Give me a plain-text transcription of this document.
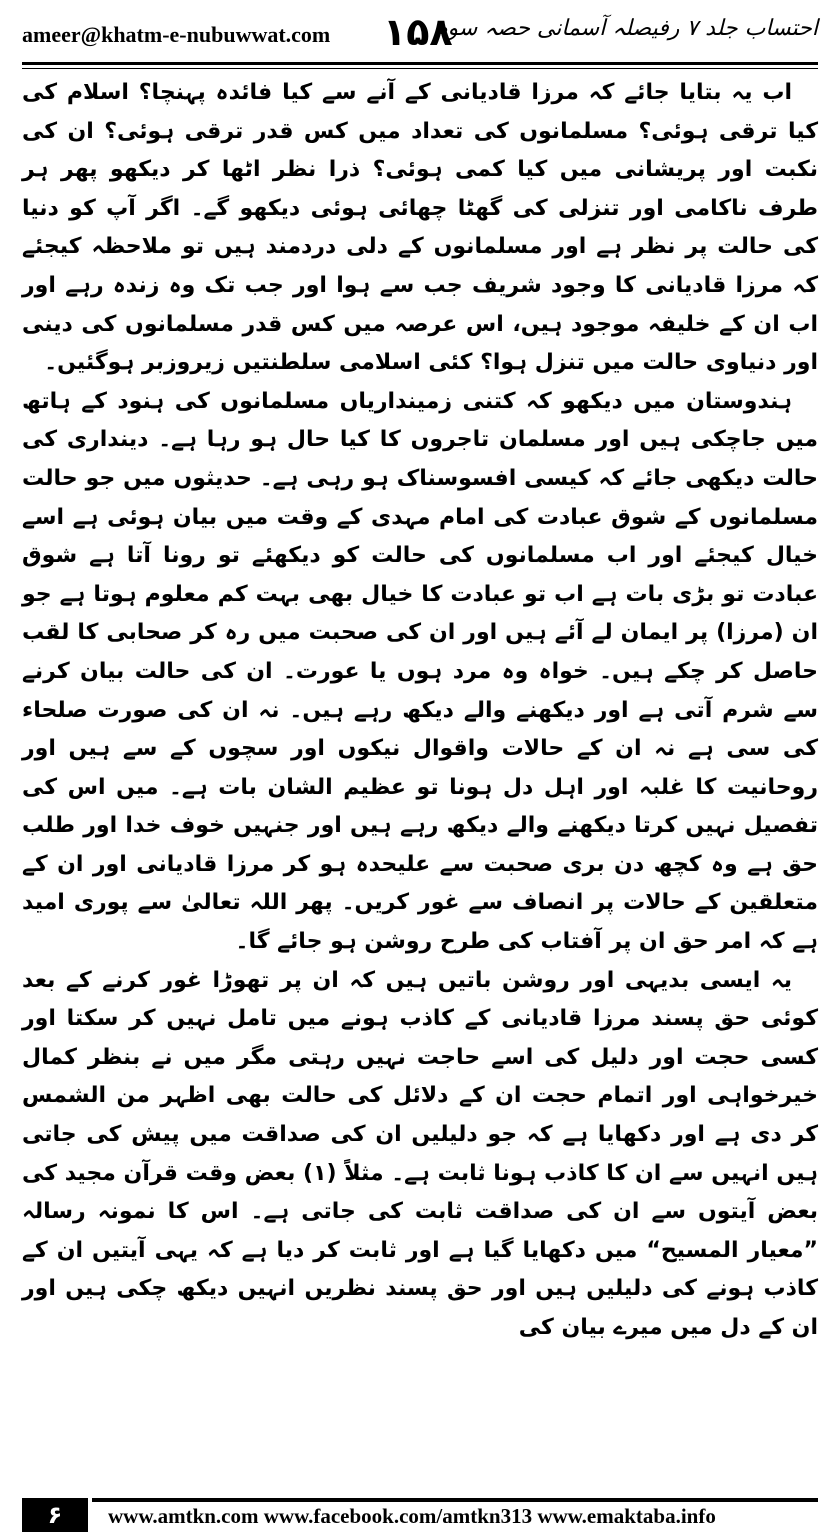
ameer@khatm-e-nubuwwat.com ۱۵۸
احتساب جلد ۷ رفیصلہ آسمانی حصہ سوم

اب یہ بتایا جائے کہ مرزا قادیانی کے آنے سے کیا فائدہ پہنچا؟ اسلام کی کیا ترقی ہوئی؟ مسلمانوں کی تعداد میں کس قدر ترقی ہوئی؟ ان کی نکبت اور پریشانی میں کیا کمی ہوئی؟ ذرا نظر اٹھا کر دیکھو پھر ہر طرف ناکامی اور تنزلی کی گھٹا چھائی ہوئی دیکھو گے۔ اگر آپ کو دنیا کی حالت پر نظر ہے اور مسلمانوں کے دلی دردمند ہیں تو ملاحظہ کیجئے کہ مرزا قادیانی کا وجود شریف جب سے ہوا اور جب تک وہ زندہ رہے اور اب ان کے خلیفہ موجود ہیں، اس عرصہ میں کس قدر مسلمانوں کی دینی اور دنیاوی حالت میں تنزل ہوا؟ کئی اسلامی سلطنتیں زیروزبر ہوگئیں۔

ہندوستان میں دیکھو کہ کتنی زمینداریاں مسلمانوں کی ہنود کے ہاتھ میں جاچکی ہیں اور مسلمان تاجروں کا کیا حال ہو رہا ہے۔ دینداری کی حالت دیکھی جائے کہ کیسی افسوسناک ہو رہی ہے۔ حدیثوں میں جو حالت مسلمانوں کے شوق عبادت کی امام مہدی کے وقت میں بیان ہوئی ہے اسے خیال کیجئے اور اب مسلمانوں کی حالت کو دیکھئے تو رونا آتا ہے شوق عبادت تو بڑی بات ہے اب تو عبادت کا خیال بھی بہت کم معلوم ہوتا ہے جو ان (مرزا) پر ایمان لے آئے ہیں اور ان کی صحبت میں رہ کر صحابی کا لقب حاصل کر چکے ہیں۔ خواہ وہ مرد ہوں یا عورت۔ ان کی حالت بیان کرنے سے شرم آتی ہے اور دیکھنے والے دیکھ رہے ہیں۔ نہ ان کی صورت صلحاء کی سی ہے نہ ان کے حالات واقوال نیکوں اور سچوں کے سے ہیں اور روحانیت کا غلبہ اور اہل دل ہونا تو عظیم الشان بات ہے۔ میں اس کی تفصیل نہیں کرتا دیکھنے والے دیکھ رہے ہیں اور جنہیں خوف خدا اور طلب حق ہے وہ کچھ دن بری صحبت سے علیحدہ ہو کر مرزا قادیانی اور ان کے متعلقین کے حالات پر انصاف سے غور کریں۔ پھر اللہ تعالیٰ سے پوری امید ہے کہ امر حق ان پر آفتاب کی طرح روشن ہو جائے گا۔

یہ ایسی بدیہی اور روشن باتیں ہیں کہ ان پر تھوڑا غور کرنے کے بعد کوئی حق پسند مرزا قادیانی کے کاذب ہونے میں تامل نہیں کر سکتا اور کسی حجت اور دلیل کی اسے حاجت نہیں رہتی مگر میں نے بنظر کمال خیرخواہی اور اتمام حجت ان کے دلائل کی حالت بھی اظہر من الشمس کر دی ہے اور دکھایا ہے کہ جو دلیلیں ان کی صداقت میں پیش کی جاتی ہیں انہیں سے ان کا کاذب ہونا ثابت ہے۔ مثلاً (۱) بعض وقت قرآن مجید کی بعض آیتوں سے ان کی صداقت ثابت کی جاتی ہے۔ اس کا نمونہ رسالہ ”معیار المسیح“ میں دکھایا گیا ہے اور ثابت کر دیا ہے کہ یہی آیتیں ان کے کاذب ہونے کی دلیلیں ہیں اور حق پسند نظریں انہیں دیکھ چکی ہیں اور ان کے دل میں میرے بیان کی

۶	www.amtkn.com www.facebook.com/amtkn313 www.emaktaba.info
